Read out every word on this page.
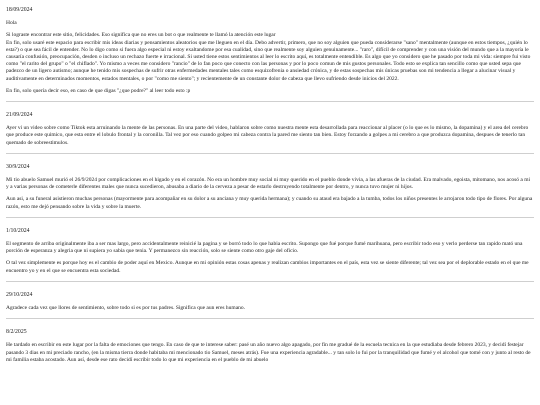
18/09/2024

Hola

Si lograste encontrar este sitio, felicidades. Eso significa que no eres un bot o que realmente te llamó la atención este lugar

En fin, solo usaré este espacio para escribir mis ideas diarias y pensamientos aleatorios que me lleguen en el día. Debo advertir, primero, que no soy alguien que pueda considerarse "sano" mentalmente (aunque en estos tiempos, ¿quién lo esta?) o que sea fácil de entender. No lo digo como si fuera algo especial ni estoy exaltandome por esa cualidad, sino que realmente soy alguien genuinamente... "raro", difícil de comprender y con una visión del mundo que a la mayoría le causaría confusión, preocupación, desden o incluso un rechazo fuerte e irracional. Si usted tiene estos sentimientos al leer lo escrito aquí, es totalmente entendible. Es algo que yo considero que he pasado por toda mi vida: siempre fui visto como "el rarito del grupo" o "el chiflado". Yo mismo a veces me considero "rancio" de lo fan poco que conecto con las personas y por lo poco comun de mis gustos personales. Todo esto se explica tan sencillo como que usted sepa que padezco de un ligero autismo; aunque he tenido mis sospechas de sufrir otras enfermedades mentales tales como esquizofrenia o ansiedad crónica, y de estas sospechas mis únicas pruebas son mi tendencia a llegar a alucinar visual y auditivamente en determinados momentos, estados mentales, o por "como me siento"; y recientemente de un constante dolor de cabeza que llevo sufriendo desde inicios del 2022.

En fin, solo quería decir eso, en caso de que digas "¿que podre?" al leer todo esto :p

21/09/2024

Ayer vi un video sobre como Tiktok esta arruinando la mente de las personas. En una parte del video, hablaron sobre como nuestra mente esta desarrollada para reaccionar al placer (o lo que es lo mismo, la dopamina) y el area del cerebro que produce este quimico, que esta entre el lobulo frontal y la coronilla. Tal vez por eso cuando golpeo mi cabeza contra la pared me siento tan bien. Estoy forzando a golpes a mi cerebro a que produzca dopamina, despues de tenerlo tan quemado de sobreestimulos.

30/9/2024

Mi tio abuelo Samuel murió el 26/9/2024 por complicaciones en el higado y en el corazón. No era un hombre muy social ni muy querido en el pueblo donde vivia, a las afueras de la ciudad. Era malvado, egoista, mitomano, nos acosó a mi y a varias personas de cometerle diferentes males que nunca sucedieron, abusaba a diario de la cerveza a pesar de estarlo destruyendo totalmente por dentro, y nunca tuvo mujer ni hijos.

Aun asi, a su funeral asistieron muchas personas (mayormente para acompañar en su dolor a su anciana y muy querida hermana); y cuando su ataud era bajado a la tumba, todos los niños presentes le arrojaron todo tipo de flores. Por alguna razón, esto me dejó pensando sobre la vida y sobre la muerte.

1/10/2024

El segmento de arriba originalmente iba a ser mas largo, pero accidentalmente reinicié la pagina y se borró todo lo que habia escrito. Supongo que fué porque fumé marihuana, pero escribir todo eso y verlo perderse tan rapido mató una porción de esperanza y alegria que ni supiera yo sabia que tenia. Y permanezco sin reacción, solo se siente como otro gaje del oficio.

O tal vez simplemente es porque hoy es el cambio de poder aquí en Mexico. Aunque en mi opinión estas cosas apenas y realizan cambios importantes en el país, esta vez se siente diferente; tal vez sea por el deplorable estado en el que me encuentro yo y en el que se encuentra esta sociedad.

29/10/2024

Agradece cada vez que llores de sentimiento, sobre todo si es por tus padres. Significa que aun eres humano.

8/2/2025

He tardado en escribir en este lugar por la falta de emociones que tengo. En caso de que te interese saber: pasé un año nuevo algo apagado, por fin me gradué de la escuela tecnica en la que estudiaba desde febrero 2023, y decidí festejar pasando 3 dias en mi preciado rancho, (en la misma tierra donde habitaba mi mencionado tio Samuel, meses atrás). Fue una experiencia agradable... y tan solo lo fui por la tranquilidad que fumé y el alcohol que tomé con y junto al resto de mi familia estaba acostado. Aun así, desde ese rato decidí escribir todo lo que mi experiencia en el pueblo de mi abuelo
